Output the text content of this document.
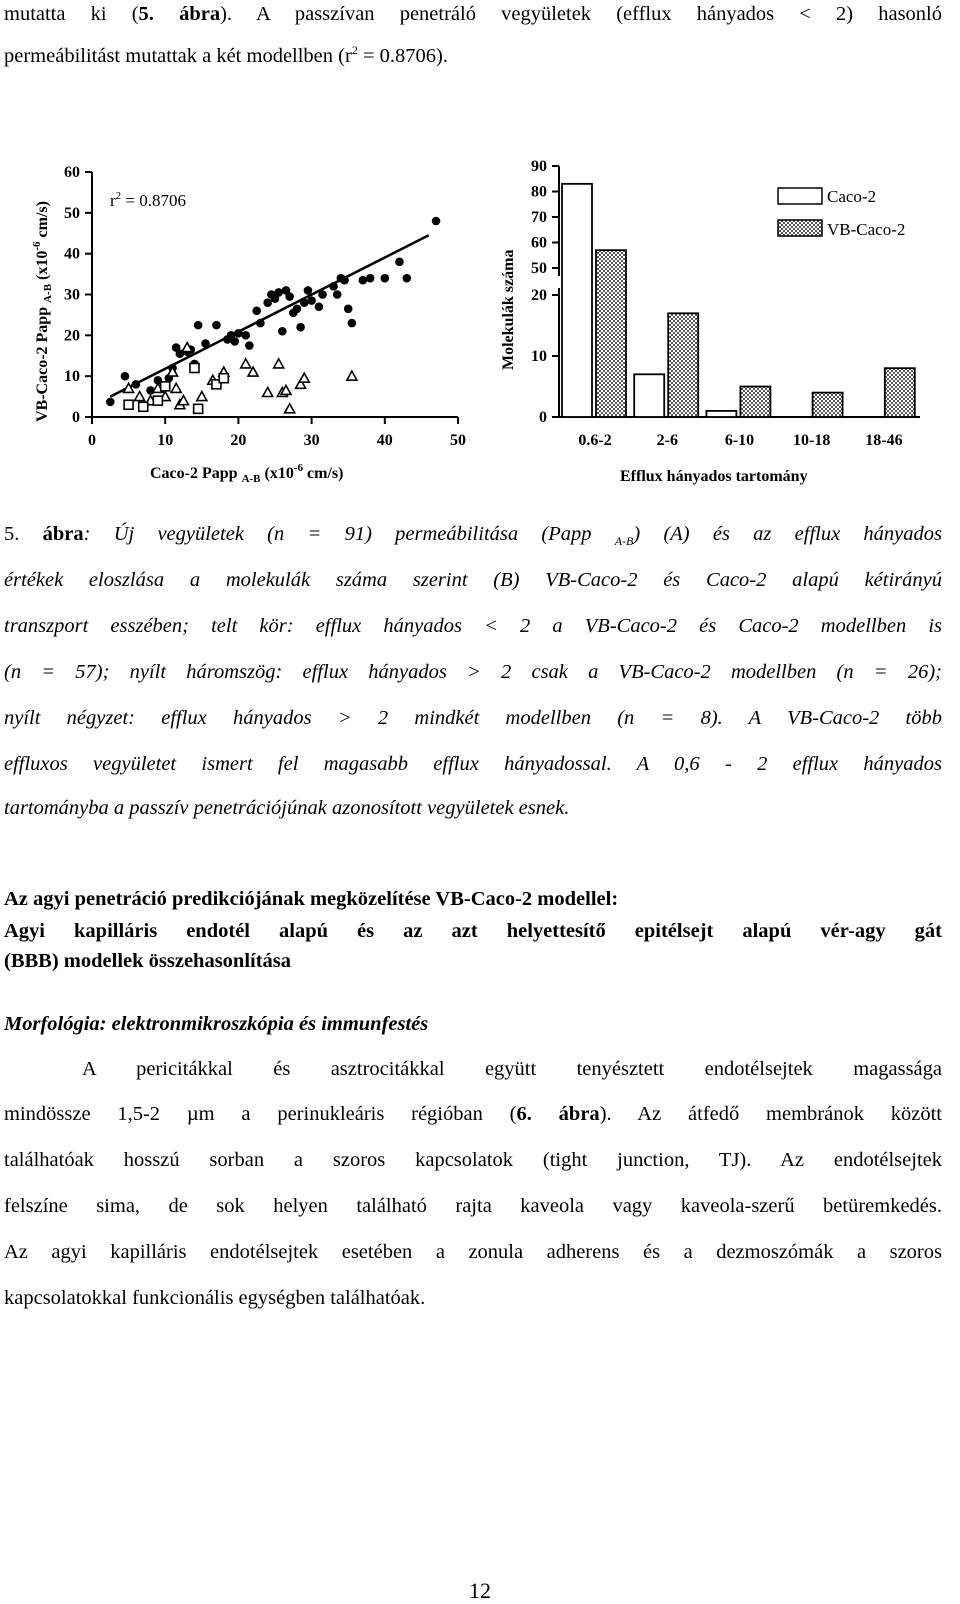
mutatta ki (5. ábra). A passzívan penetráló vegyületek (efflux hányados < 2) hasonló
permeábilitást mutattak a két modellben $(r^2 = 0.8706)$.
0	10	20	30	40	50
0
10
20
30
40
50
60
$r^2 = 0.8706$
VB-Caco-2 Papp $_{A-B}$ ($x10^{-6}$ cm/s)
Caco-2 Papp $_{A-B}$ ($x10^{-6}$ cm/s)
0
10
20
50
60
70
80
90
0.6-2	2-6	6-10 10-18 18-46
Molekulák száma
Efflux hányados tartomány
Caco-2
VB-Caco-2
5. ábra: Új vegyületek (n = 91) permeábilitása (Papp $_{A-B}$) (A) és az efflux hányados
értékek eloszlása a molekulák száma szerint (B) VB-Caco-2 és Caco-2 alapú kétirányú
transzport esszében; telt kör: efflux hányados < 2 a VB-Caco-2 és Caco-2 modellben is
(n = 57); nyílt háromszög: efflux hányados > 2 csak a VB-Caco-2 modellben (n = 26);
nyílt négyzet: efflux hányados > 2 mindkét modellben (n = 8). A VB-Caco-2 több
effluxos vegyületet ismert fel magasabb efflux hányadossal. A 0,6 - 2 efflux hányados
tartományba a passzív penetrációjúnak azonosított vegyületek esnek.
Az agyi penetráció predikciójának megközelítése VB-Caco-2 modellel:
Agyi kapilláris endotél alapú és az azt helyettesítő epitélsejt alapú vér-agy gát
(BBB) modellek összehasonlítása
Morfológia: elektronmikroszkópia és immunfestés
A pericitákkal és asztrocitákkal együtt tenyésztett endotélsejtek magassága
mindössze 1,5-2 µm a perinukleáris régióban (6. ábra). Az átfedő membránok között
találhatóak hosszú sorban a szoros kapcsolatok (tight junction, TJ). Az endotélsejtek
felszíne sima, de sok helyen található rajta kaveola vagy kaveola-szerű betüremkedés.
Az agyi kapilláris endotélsejtek esetében a zonula adherens és a dezmoszómák a szoros
kapcsolatokkal funkcionális egységben találhatóak.
12
